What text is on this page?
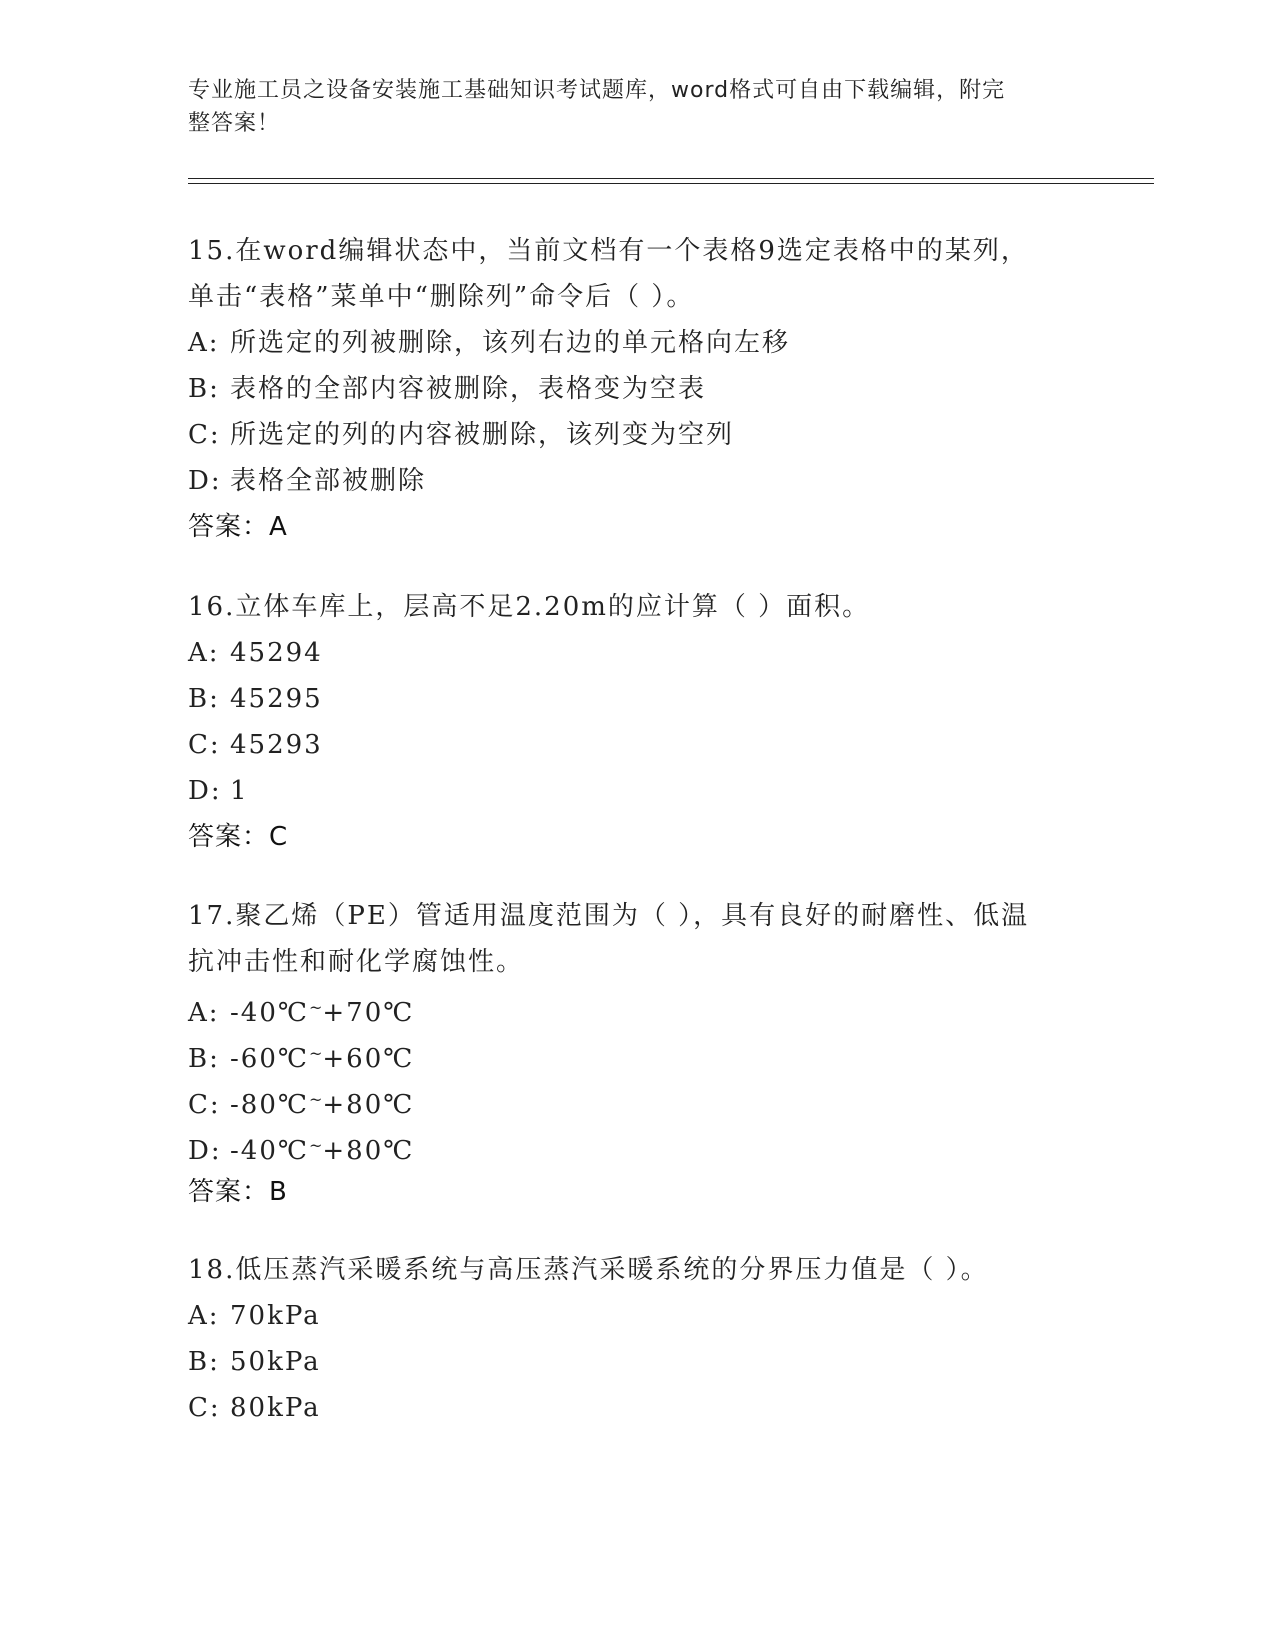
专业施工员之设备安装施工基础知识考试题库，word格式可自由下载编辑，附完
整答案！
15.在word编辑状态中，当前文档有一个表格9选定表格中的某列，
单击“表格”菜单中“删除列”命令后（ ）。
A: 所选定的列被删除，该列右边的单元格向左移
B: 表格的全部内容被删除，表格变为空表
C: 所选定的列的内容被删除，该列变为空列
D: 表格全部被删除
答案：A
16.立体车库上，层高不足2.20m的应计算（ ）面积。
A: 45294
B: 45295
C: 45293
D: 1
答案：C
17.聚乙烯（PE）管适用温度范围为（ ），具有良好的耐磨性、低温
抗冲击性和耐化学腐蚀性。
A: -40℃~+70℃
B: -60℃~+60℃
C: -80℃~+80℃
D: -40℃~+80℃
答案：B
18.低压蒸汽采暖系统与高压蒸汽采暖系统的分界压力值是（ ）。
A: 70kPa
B: 50kPa
C: 80kPa
